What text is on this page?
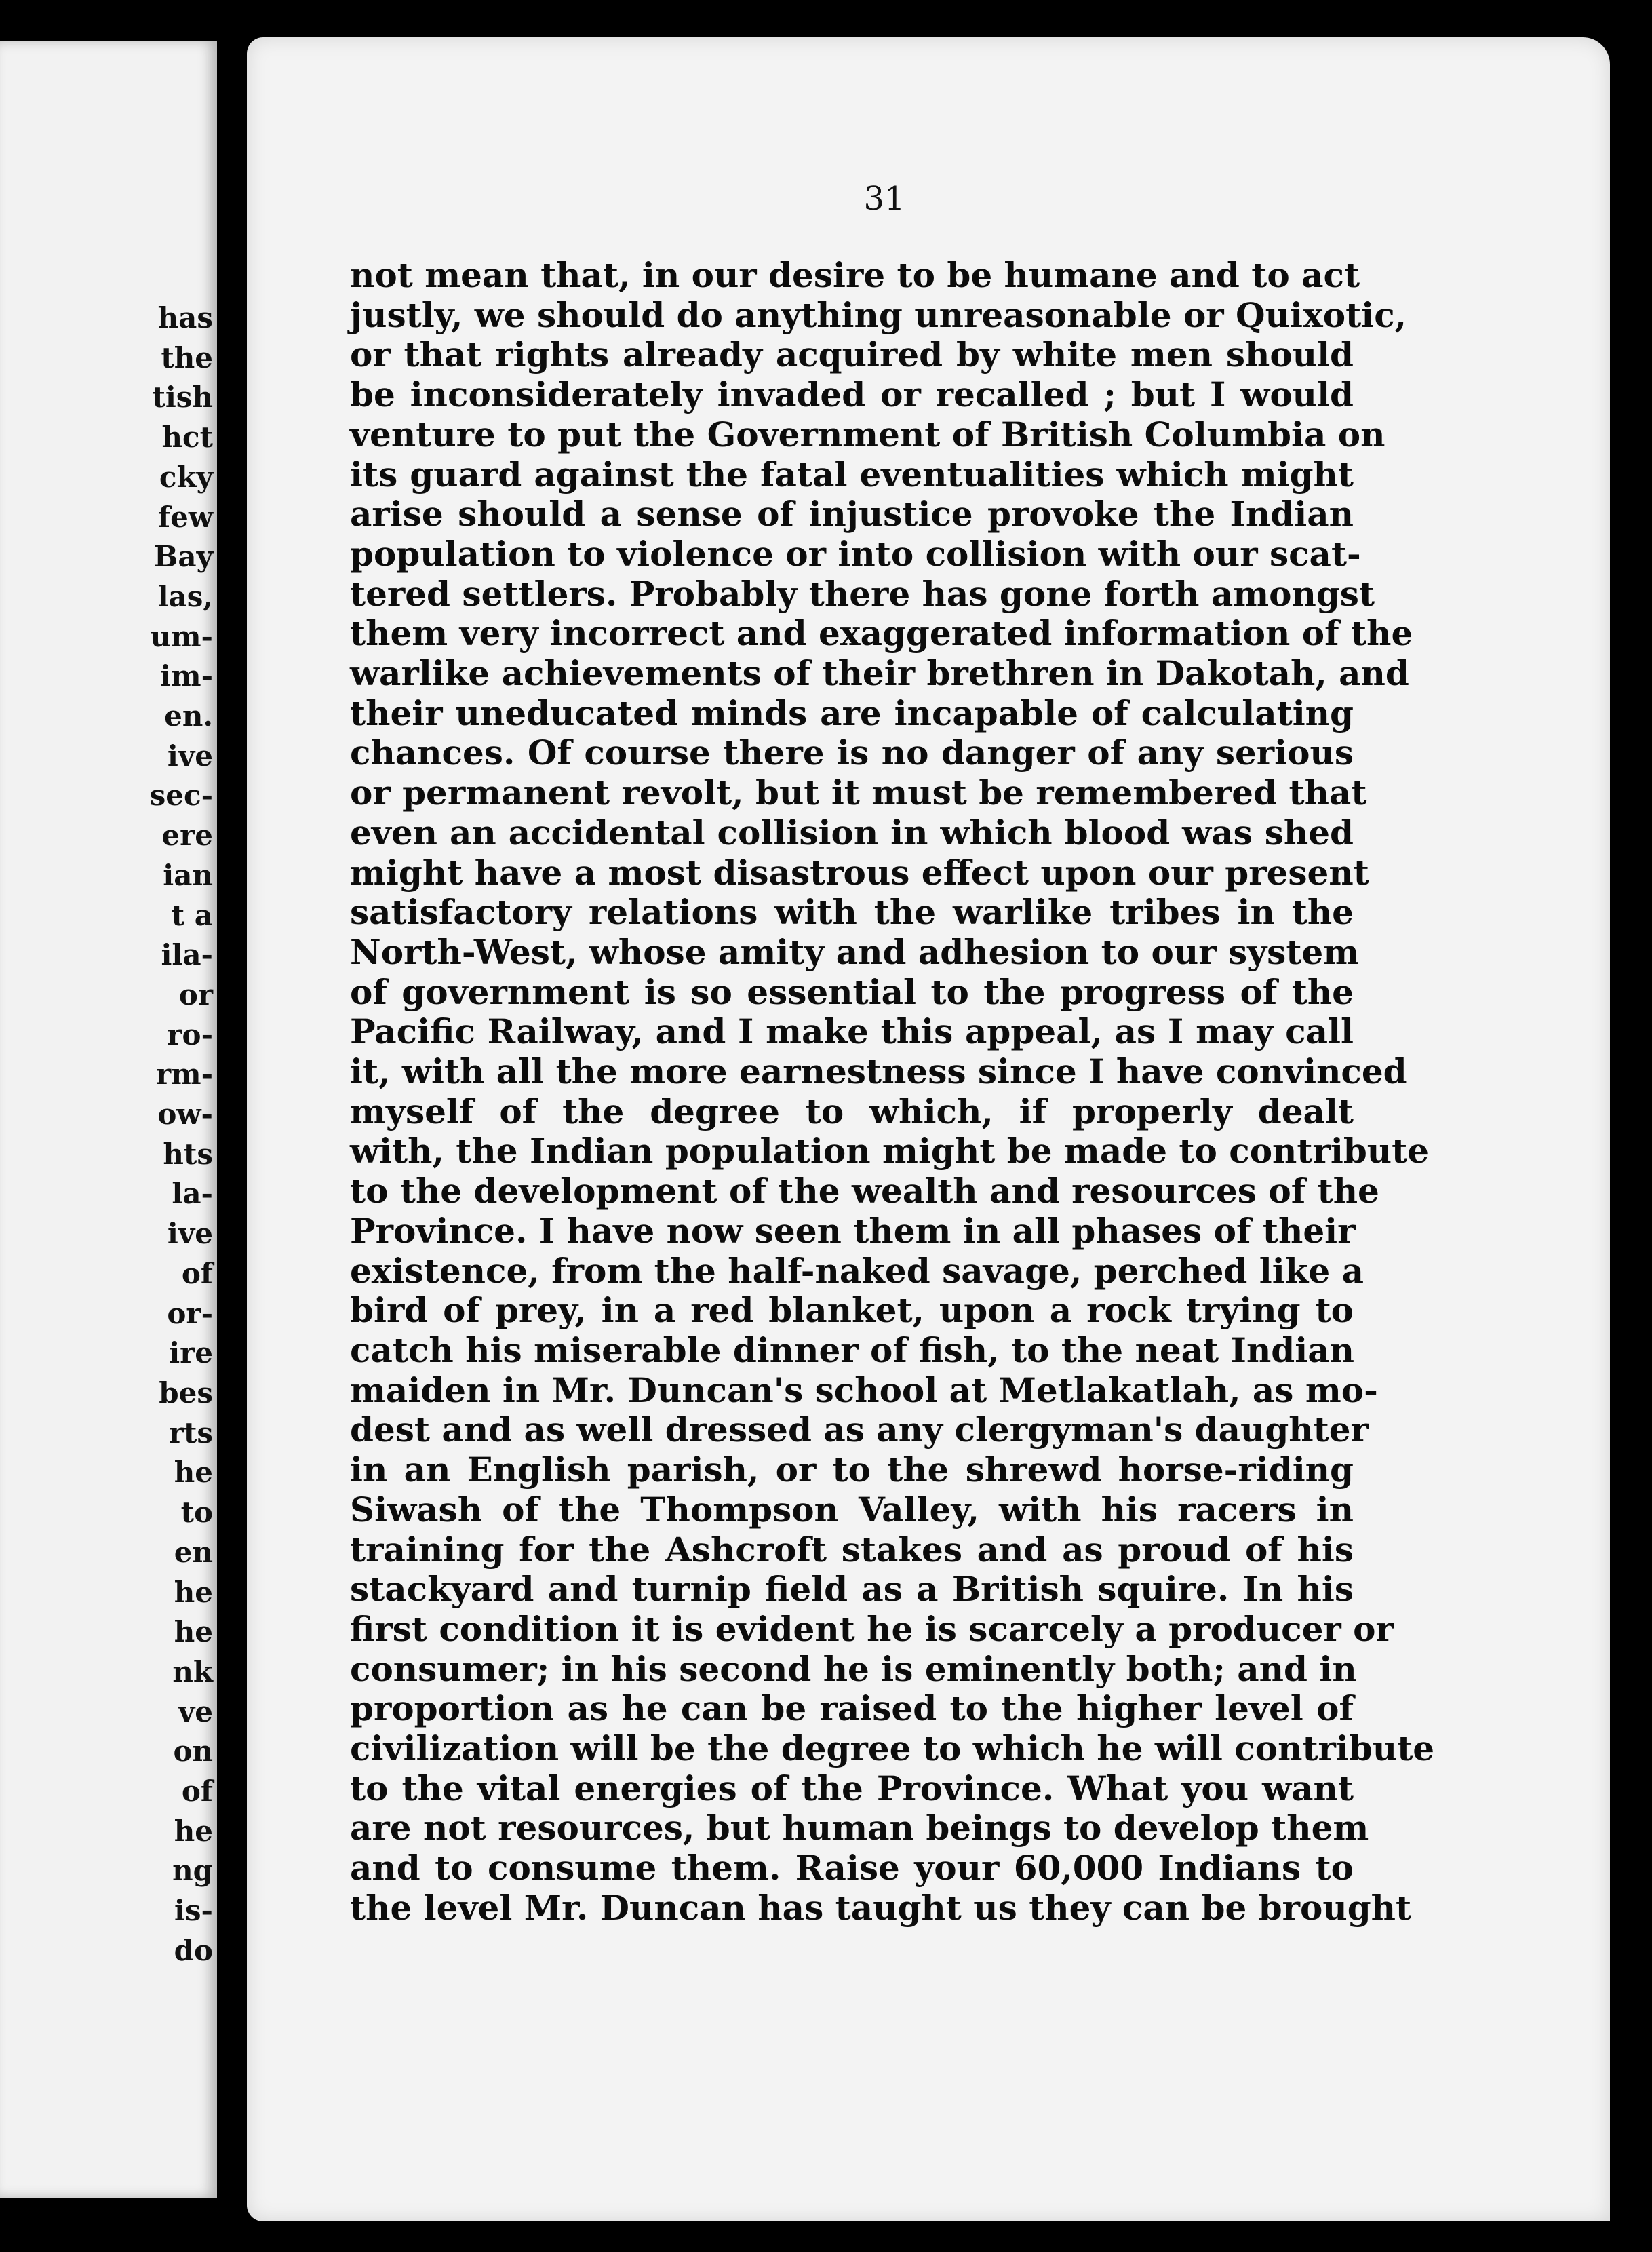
has
the
tish
hct
cky
few
Bay
las,
um-
im-
en.
ive
sec-
ere
ian
t a
ila-
or
ro-
rm-
ow-
hts
la-
ive
of
or-
ire
bes
rts
he
to
en
he
he
nk
ve
on
of
he
ng
is-
do
31
not mean that, in our desire to be humane and to act
justly, we should do anything unreasonable or Quixotic,
or that rights already acquired by white men should
be inconsiderately invaded or recalled ; but I would
venture to put the Government of British Columbia on
its guard against the fatal eventualities which might
arise should a sense of injustice provoke the Indian
population to violence or into collision with our scat-
tered settlers. Probably there has gone forth amongst
them very incorrect and exaggerated information of the
warlike achievements of their brethren in Dakotah, and
their uneducated minds are incapable of calculating
chances. Of course there is no danger of any serious
or permanent revolt, but it must be remembered that
even an accidental collision in which blood was shed
might have a most disastrous effect upon our present
satisfactory relations with the warlike tribes in the
North-West, whose amity and adhesion to our system
of government is so essential to the progress of the
Pacific Railway, and I make this appeal, as I may call
it, with all the more earnestness since I have convinced
myself of the degree to which, if properly dealt
with, the Indian population might be made to contribute
to the development of the wealth and resources of the
Province. I have now seen them in all phases of their
existence, from the half-naked savage, perched like a
bird of prey, in a red blanket, upon a rock trying to
catch his miserable dinner of fish, to the neat Indian
maiden in Mr. Duncan's school at Metlakatlah, as mo-
dest and as well dressed as any clergyman's daughter
in an English parish, or to the shrewd horse-riding
Siwash of the Thompson Valley, with his racers in
training for the Ashcroft stakes and as proud of his
stackyard and turnip field as a British squire. In his
first condition it is evident he is scarcely a producer or
consumer; in his second he is eminently both; and in
proportion as he can be raised to the higher level of
civilization will be the degree to which he will contribute
to the vital energies of the Province. What you want
are not resources, but human beings to develop them
and to consume them. Raise your 60,000 Indians to
the level Mr. Duncan has taught us they can be brought
